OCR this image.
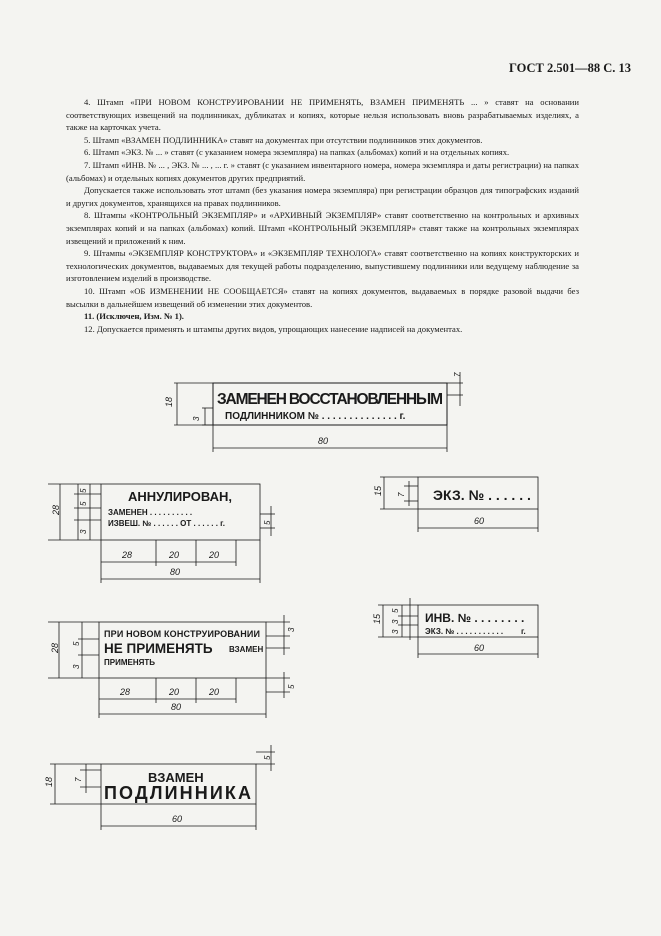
ГОСТ 2.501—88 С. 13

4. Штамп «ПРИ НОВОМ КОНСТРУИРОВАНИИ НЕ ПРИМЕНЯТЬ, ВЗАМЕН ПРИМЕНЯТЬ ... » ставят на основании соответствующих извещений на подлинниках, дубликатах и копиях, которые нельзя использовать вновь разрабатываемых изделиях, а также на карточках учета.

5. Штамп «ВЗАМЕН ПОДЛИННИКА» ставят на документах при отсутствии подлинников этих документов.

6. Штамп «ЭКЗ. № ... » ставят (с указанием номера экземпляра) на папках (альбомах) копий и на отдельных копиях.

7. Штамп «ИНВ. № ... , ЭКЗ. № ... , ... г. » ставят (с указанием инвентарного номера, номера экземпляра и даты регистрации) на папках (альбомах) и отдельных копиях документов других предприятий.

Допускается также использовать этот штамп (без указания номера экземпляра) при регистрации образцов для типографских изданий и других документов, хранящихся на правах подлинников.

8. Штампы «КОНТРОЛЬНЫЙ ЭКЗЕМПЛЯР» и «АРХИВНЫЙ ЭКЗЕМПЛЯР» ставят соответственно на контрольных и архивных экземплярах копий и на папках (альбомах) копий. Штамп «КОНТРОЛЬНЫЙ ЭКЗЕМПЛЯР» ставят также на контрольных экземплярах извещений и приложений к ним.

9. Штампы «ЭКЗЕМПЛЯР КОНСТРУКТОРА» и «ЭКЗЕМПЛЯР ТЕХНОЛОГА» ставят соответственно на копиях конструкторских и технологических документов, выдаваемых для текущей работы подразделению, выпустившему подлинники или ведущему наблюдение за изготовлением изделий в производстве.

10. Штамп «ОБ ИЗМЕНЕНИИ НЕ СООБЩАЕТСЯ» ставят на копиях документов, выдаваемых в порядке разовой выдачи без высылки в дальнейшем извещений об изменении этих документов.

11. (Исключен, Изм. № 1).

12. Допускается применять и штампы других видов, упрощающих нанесение надписей на документах.

ЗАМЕНЕН ВОССТАНОВЛЕННЫМ
ПОДЛИННИКОМ № . . . . . . . . . . . . . . г.
18
3
7
80
АННУЛИРОВАН,
ЗАМЕНЕН . . . . . . . . . .
ИЗВЕШ. № . . . . . . ОТ . . . . . . г.
28
5
5
3
5
28	20	20
80
ЭКЗ. № . . . . . .
15 7
60
ИНВ. № . . . . . . . .
ЭКЗ. № . . . . . . . . . . . г.
15
5
3
3
60
ПРИ НОВОМ КОНСТРУИРОВАНИИ
НЕ ПРИМЕНЯТЬ ВЗАМЕН
ПРИМЕНЯТЬ
28 5
3
3
5
28	20	20
80
ВЗАМЕН
ПОДЛИННИКА
18	7
5
60
